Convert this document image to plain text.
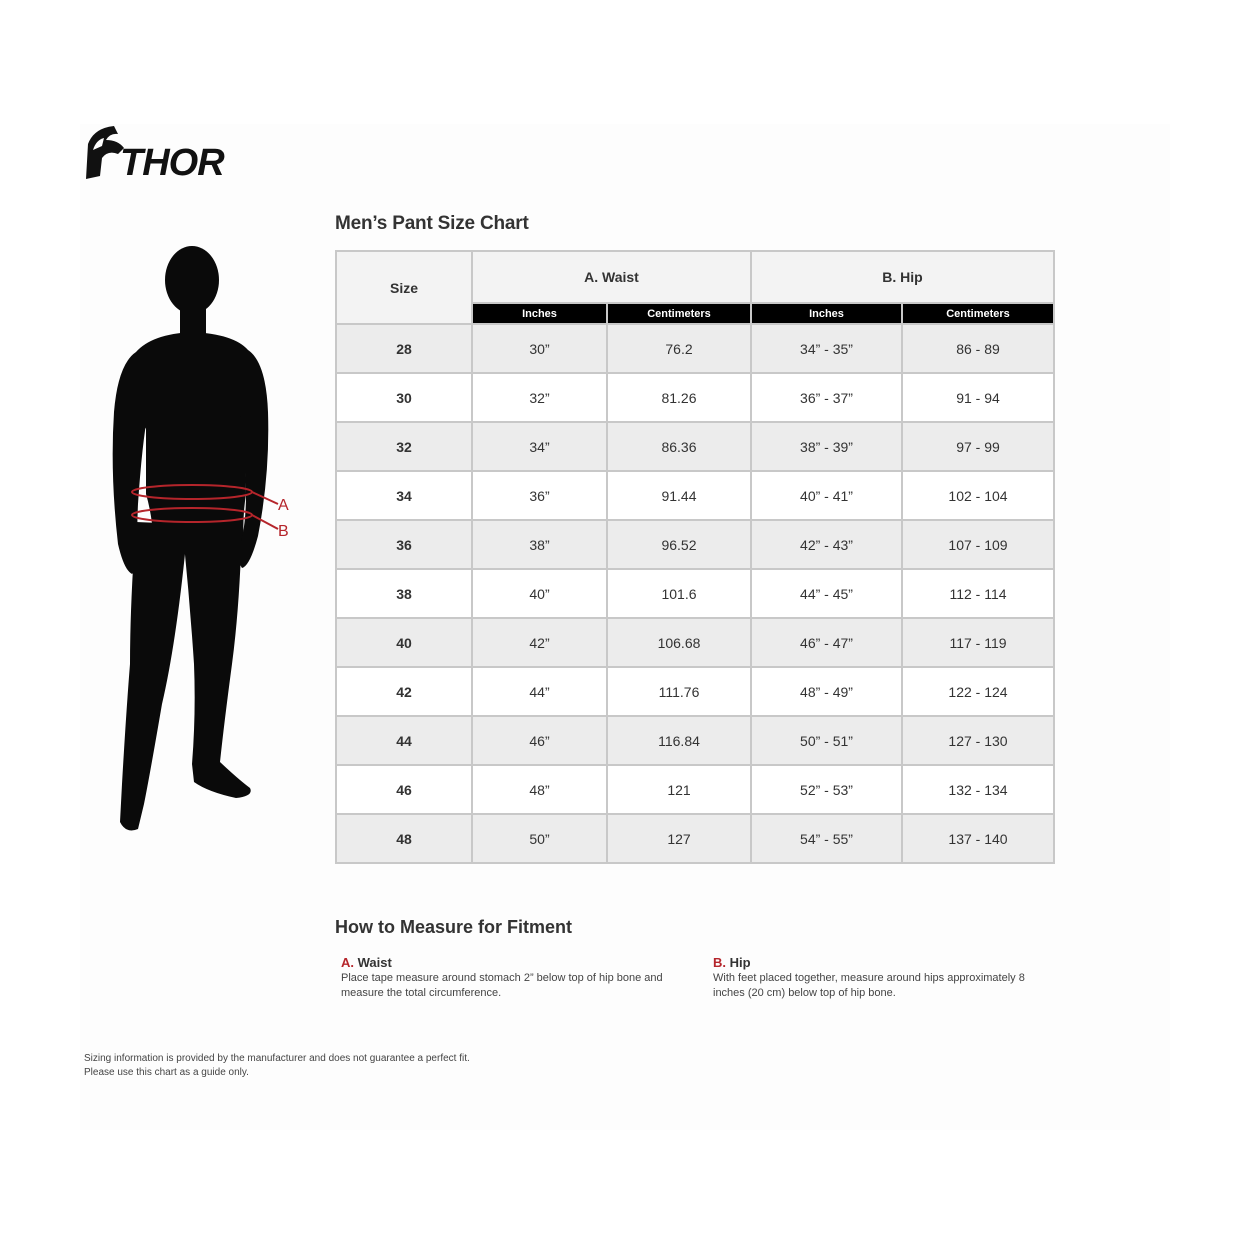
THOR
A
B
Men’s Pant Size Chart
Size	A. Waist		B. Hip	
	Inches	Centimeters	Inches	Centimeters
28	30”	76.2	34” - 35”	86 - 89
30	32”	81.26	36” - 37”	91 - 94
32	34”	86.36	38” - 39”	97 - 99
34	36”	91.44	40” - 41”	102 - 104
36	38”	96.52	42” - 43”	107 - 109
38	40”	101.6	44” - 45”	112 - 114
40	42”	106.68	46” - 47”	117 - 119
42	44”	111.76	48” - 49”	122 - 124
44	46”	116.84	50” - 51”	127 - 130
46	48”	121	52” - 53”	132 - 134
48	50”	127	54” - 55”	137 - 140
How to Measure for Fitment
A. Waist
Place tape measure around stomach 2” below top of hip bone and measure the total circumference.
B. Hip
With feet placed together, measure around hips approximately 8 inches (20 cm) below top of hip bone.
Sizing information is provided by the manufacturer and does not guarantee a perfect fit.
Please use this chart as a guide only.
